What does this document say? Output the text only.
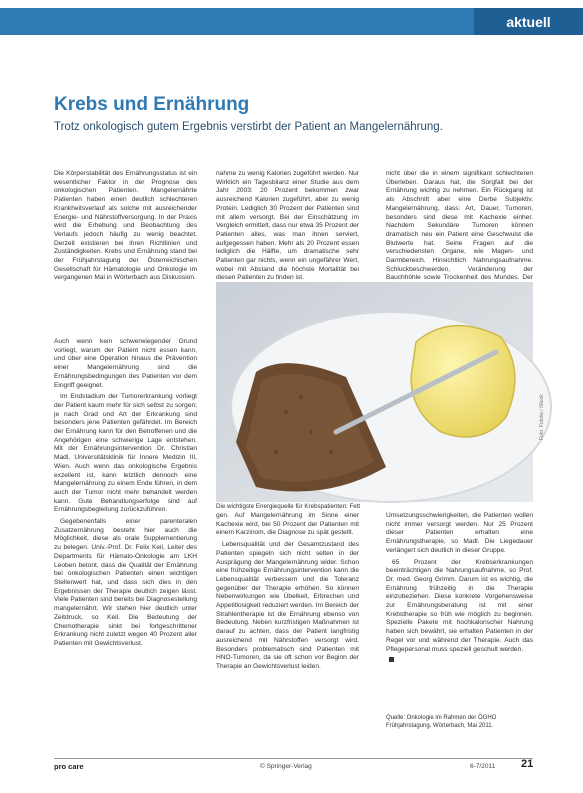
aktuell
Krebs und Ernährung

Trotz onkologisch gutem Ergebnis verstirbt der Patient an Mangelernährung.

Die Körperstabilität des Ernährungsstatus ist ein wesentlicher Faktor in der Prognose des onkologischen Patienten. Mangelernährte Patienten haben einen deutlich schlechteren Krankheitsverlauf als solche mit ausreichender Energie- und Nährstoffversorgung. In der Praxis wird die Erhebung und Beobachtung des Verlaufs jedoch häufig zu wenig beachtet. Derzeit existieren bei ihren Richtlinien und Zuständigkeiten. Krebs und Ernährung stand bei der Frühjahrstagung der Österreichischen Gesellschaft für Hämatologie und Onkologie im vergangenen Mai in Wörterbach aus Diskussion.

nahme zu wenig Kalorien zugeführt werden. Nur Wirklich ein Tagesbilanz einer Studie aus dem Jahr 2003: 20 Prozent bekommen zwar ausreichend Kalorien zugeführt, aber zu wenig Protein. Lediglich 30 Prozent der Patienten sind mit allem versorgt. Bei der Einschätzung im Vergleich ermittelt, dass nur etwa 35 Prozent der Patienten alles, was man ihnen serviert, aufgegessen haben. Mehr als 20 Prozent essen lediglich die Hälfte, um dramatische sehr Patienten gar nichts, wenn ein ungefährer Wert, wobei mit Abstand die höchste Mortalität bei diesen Patienten zu finden ist.

nicht über die in einem signifikant schlechteren Überleben. Daraus hat, die Sorgfalt bei der Ernährung wichtig zu nehmen. Ein Rückgang ist als Abschnitt aber eine Derbe Subjektiv. Mangelernährung, dass: Art, Dauer, Tumoren, besonders sind diese mit Kachexie einher. Nachdem Sekundäre Tumoren können dramatisch neu ein Patient eine Geschwulst die Blutwerte hat. Seine Fragen auf die verschiedensten Organe, wie Magen- und Darmbereich. Hinsichtlich Nahrungsaufnahme. Schluckbeschwerden, Veränderung der Bauchhöhle sowie Trockenheit des Mundes. Der

Auch wenn kein schwerwiegender Grund vorliegt, warum der Patient nicht essen kann, und über eine Operation hinaus die Prävention einer Mangelernährung sind die Ernährungsbedingungen des Patienten vor dem Eingriff geeignet.

Im Endstadium der Tumorerkrankung vorliegt der Patient kaum mehr für sich selbst zu sorgen; je nach Grad und Art der Erkrankung sind besonders jene Patienten gefährdet. Im Bereich der Ernährung kann für den Betroffenen und die Angehörigen eine schwierige Lage entstehen. Mit der Ernährungsintervention Dr. Christian Madl, Universitätsklinik für Innere Medizin III, Wien. Auch wenn das onkologische Ergebnis exzellent ist, kann letztlich dennoch eine Mangelernährung zu einem Ende führen, in dem auch der Tumor nicht mehr behandelt werden kann. Gute Behandlungserfolge sind auf Ernährungsbegleitung zurückzuführen.

Gegebenenfalls einer parenteralen Zusatzernährung besteht hier auch die Möglichkeit, diese als orale Supplementierung zu belegen. Univ.-Prof. Dr. Felix Keil, Leiter des Departments für Hämato-Onkologie am LKH Leoben betont, dass die Qualität der Ernährung bei onkologischen Patienten einen wichtigen Stellenwert hat, und dass sich dies in den Ergebnissen der Therapie deutlich zeigen lässt. Viele Patienten sind bereits bei Diagnosestellung mangelernährt. Wir stehen hier deutlich unter Zeitdruck, so Keil. Die Bedeutung der Chemotherapie sinkt bei fortgeschrittener Erkrankung nicht zuletzt wegen 40 Prozent aller Patienten mit Gewichtsverlust.

Die wichtigste Energiequelle für Krebspatienten: Fett

Foto: Fotolia / iStock

gen. Auf Mangelernährung im Sinne einer Kachexie wird, bei 50 Prozent der Patienten mit einem Karzinom, die Diagnose zu spät gestellt.

Lebensqualität und der Gesamtzustand des Patienten spiegeln sich nicht selten in der Ausprägung der Mangelernährung wider. Schon eine frühzeitige Ernährungsintervention kann die Lebensqualität verbessern und die Toleranz gegenüber der Therapie erhöhen. So können Nebenwirkungen wie Übelkeit, Erbrechen und Appetitlosigkeit reduziert werden. Im Bereich der Strahlentherapie ist die Ernährung ebenso von Bedeutung. Neben kurzfristigen Maßnahmen ist darauf zu achten, dass der Patient langfristig ausreichend mit Nährstoffen versorgt wird. Besonders problematisch sind Patienten mit HNO-Tumoren, da sie oft schon vor Beginn der Therapie an Gewichtsverlust leiden.

Umsetzungsschwierigkeiten, die Patienten wollen nicht immer versorgt werden. Nur 25 Prozent dieser Patienten erhalten eine Ernährungstherapie, so Madl. Die Liegedauer verlängert sich deutlich in dieser Gruppe.

65 Prozent der Krebserkrankungen beeinträchtigen die Nahrungsaufnahme, so Prof. Dr. med. Georg Grimm. Darum ist es wichtig, die Ernährung frühzeitig in die Therapie einzubeziehen. Diese konkrete Vorgehensweise zur Ernährungsberatung ist mit einer Krebstherapie so früh wie möglich zu beginnen. Spezielle Pakete mit hochkalorischer Nahrung haben sich bewährt, sie erhalten Patienten in der Regel vor und während der Therapie. Auch das Pflegepersonal muss speziell geschult werden.

Quelle: Onkologie im Rahmen der ÖGHO Frühjahrstagung, Wörterbach, Mai 2011.

pro care	© Springer-Verlag	6-7/2011 21
